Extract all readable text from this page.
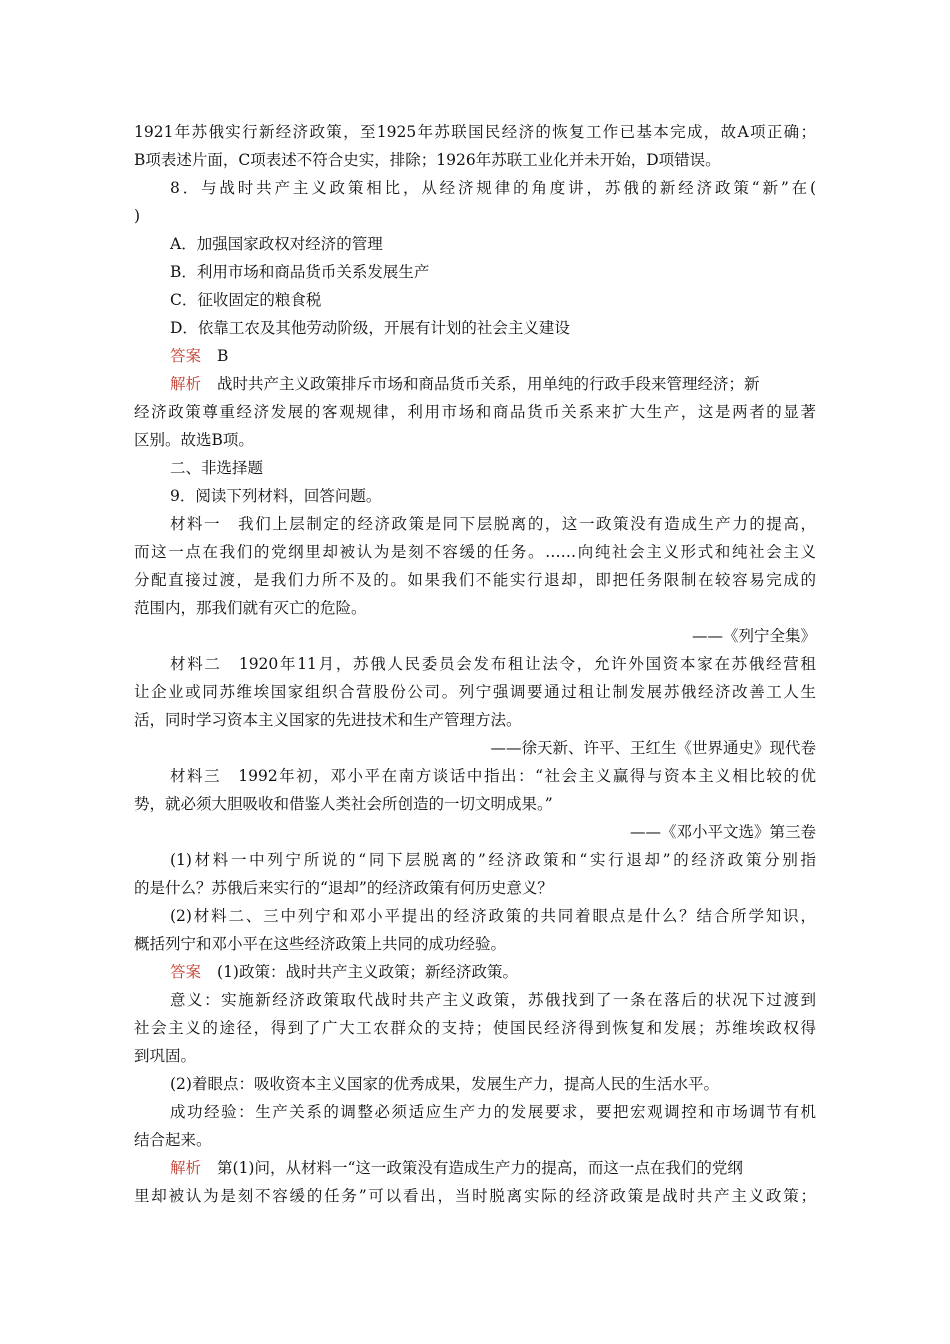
1921年苏俄实行新经济政策，至1925年苏联国民经济的恢复工作已基本完成，故A项正确；
B项表述片面，C项表述不符合史实，排除；1926年苏联工业化并未开始，D项错误。
8．与战时共产主义政策相比，从经济规律的角度讲，苏俄的新经济政策“新”在(
)
A．加强国家政权对经济的管理
B．利用市场和商品货币关系发展生产
C．征收固定的粮食税
D．依靠工农及其他劳动阶级，开展有计划的社会主义建设
答案 B
解析 战时共产主义政策排斥市场和商品货币关系，用单纯的行政手段来管理经济；新
经济政策尊重经济发展的客观规律，利用市场和商品货币关系来扩大生产，这是两者的显著
区别。故选B项。
二、非选择题
9．阅读下列材料，回答问题。
材料一　我们上层制定的经济政策是同下层脱离的，这一政策没有造成生产力的提高，
而这一点在我们的党纲里却被认为是刻不容缓的任务。……向纯社会主义形式和纯社会主义
分配直接过渡，是我们力所不及的。如果我们不能实行退却，即把任务限制在较容易完成的
范围内，那我们就有灭亡的危险。
——《列宁全集》
材料二　1920年11月，苏俄人民委员会发布租让法令，允许外国资本家在苏俄经营租
让企业或同苏维埃国家组织合营股份公司。列宁强调要通过租让制发展苏俄经济改善工人生
活，同时学习资本主义国家的先进技术和生产管理方法。
——徐天新、许平、王红生《世界通史》现代卷
材料三　1992年初，邓小平在南方谈话中指出：“社会主义赢得与资本主义相比较的优
势，就必须大胆吸收和借鉴人类社会所创造的一切文明成果。”
——《邓小平文选》第三卷
(1)材料一中列宁所说的“同下层脱离的”经济政策和“实行退却”的经济政策分别指
的是什么？苏俄后来实行的“退却”的经济政策有何历史意义？
(2)材料二、三中列宁和邓小平提出的经济政策的共同着眼点是什么？结合所学知识，
概括列宁和邓小平在这些经济政策上共同的成功经验。
答案 (1)政策：战时共产主义政策；新经济政策。
意义：实施新经济政策取代战时共产主义政策，苏俄找到了一条在落后的状况下过渡到
社会主义的途径，得到了广大工农群众的支持；使国民经济得到恢复和发展；苏维埃政权得
到巩固。
(2)着眼点：吸收资本主义国家的优秀成果，发展生产力，提高人民的生活水平。
成功经验：生产关系的调整必须适应生产力的发展要求，要把宏观调控和市场调节有机
结合起来。
解析 第(1)问，从材料一“这一政策没有造成生产力的提高，而这一点在我们的党纲
里却被认为是刻不容缓的任务”可以看出，当时脱离实际的经济政策是战时共产主义政策；
